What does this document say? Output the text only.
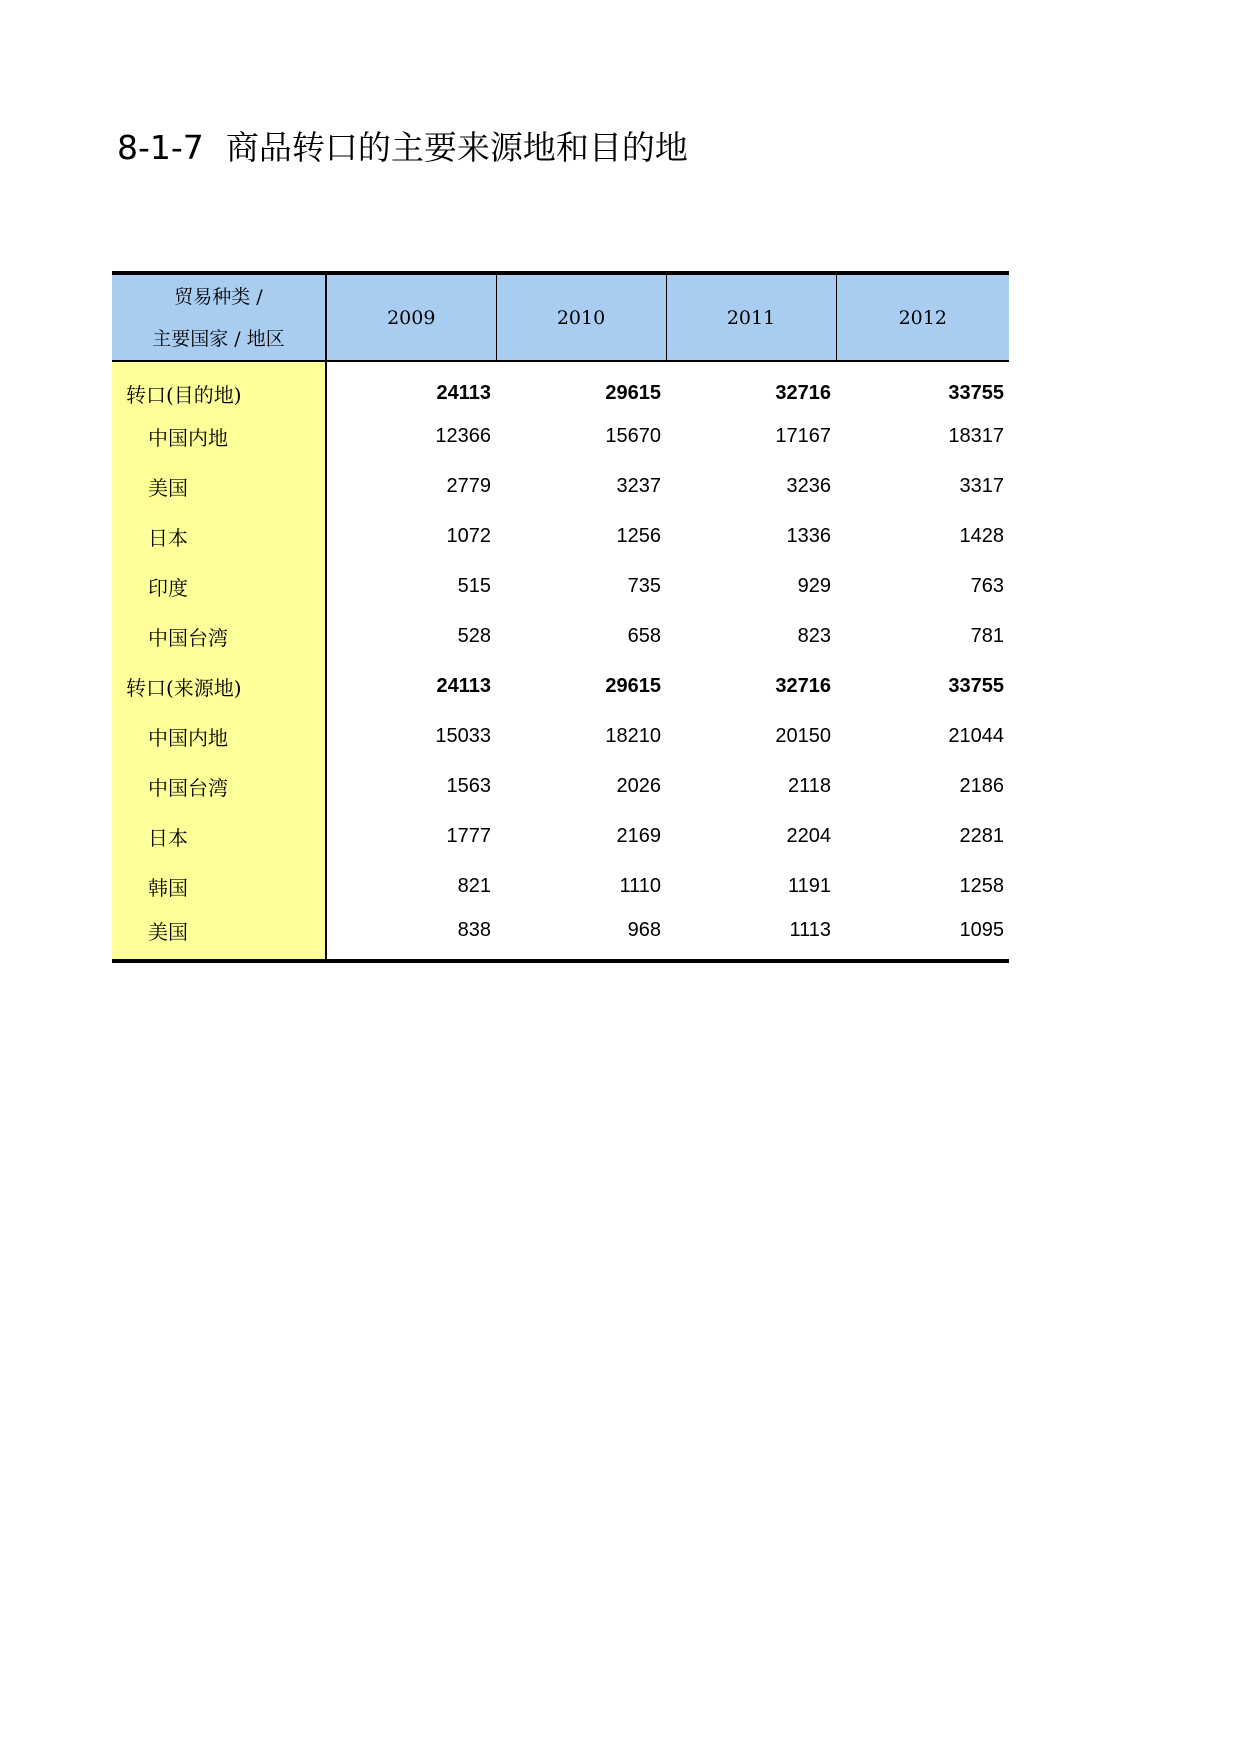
8-1-7 商品转口的主要来源地和目的地
贸易种类 /
主要国家 / 地区	2009	2010	2011	2012
转口(目的地)	24113	29615	32716	33755
中国内地	12366	15670	17167	18317
美国	2779	3237	3236	3317
日本	1072	1256	1336	1428
印度	515	735	929	763
中国台湾	528	658	823	781
转口(来源地)	24113	29615	32716	33755
中国内地	15033	18210	20150	21044
中国台湾	1563	2026	2118	2186
日本	1777	2169	2204	2281
韩国	821	1110	1191	1258
美国	838	968	1113	1095
